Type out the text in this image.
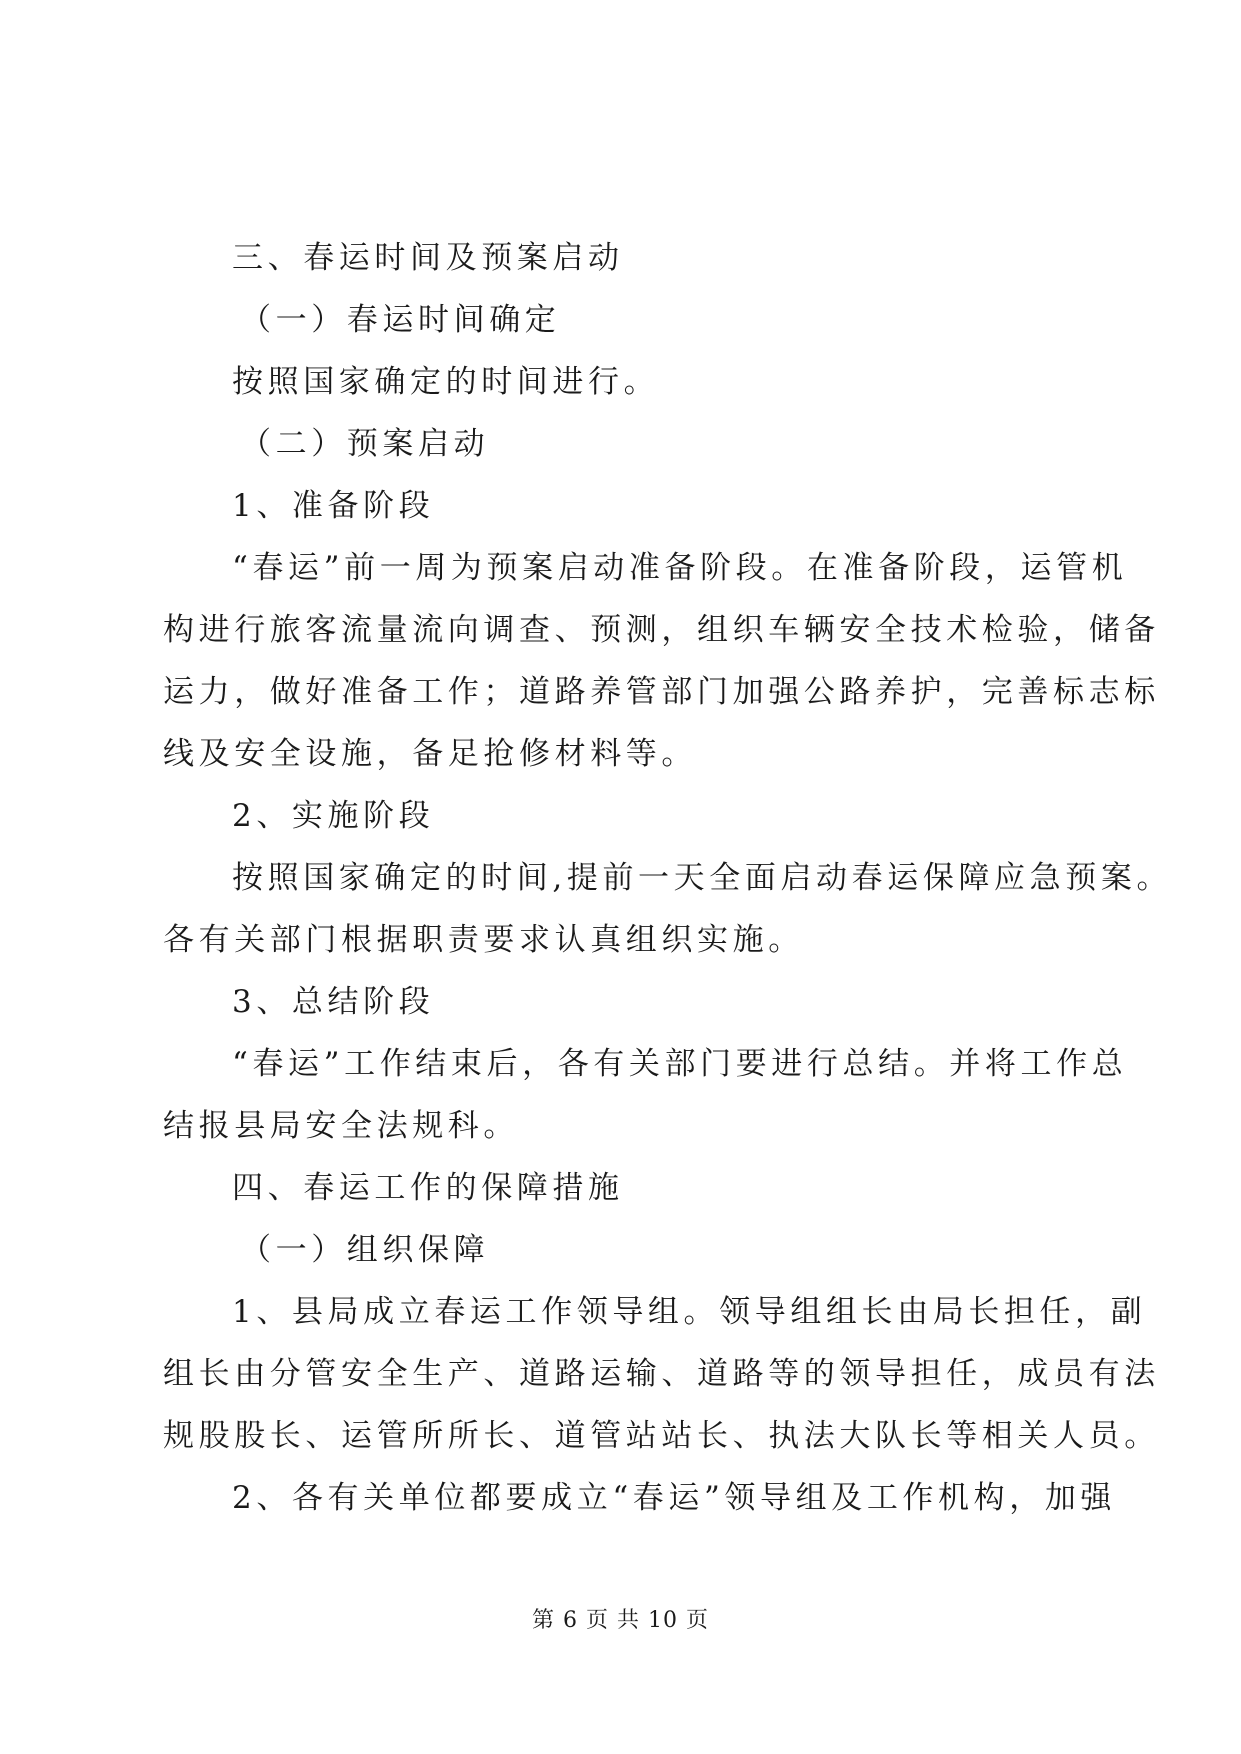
三、春运时间及预案启动
（一）春运时间确定
按照国家确定的时间进行。
（二）预案启动
1、准备阶段
“春运”前一周为预案启动准备阶段。在准备阶段，运管机
构进行旅客流量流向调查、预测，组织车辆安全技术检验，储备
运力，做好准备工作；道路养管部门加强公路养护，完善标志标
线及安全设施，备足抢修材料等。
2、实施阶段
按照国家确定的时间,提前一天全面启动春运保障应急预案。
各有关部门根据职责要求认真组织实施。
3、总结阶段
“春运”工作结束后，各有关部门要进行总结。并将工作总
结报县局安全法规科。
四、春运工作的保障措施
（一）组织保障
1、县局成立春运工作领导组。领导组组长由局长担任，副
组长由分管安全生产、道路运输、道路等的领导担任，成员有法
规股股长、运管所所长、道管站站长、执法大队长等相关人员。
2、各有关单位都要成立“春运”领导组及工作机构，加强
第 6 页 共 10 页
